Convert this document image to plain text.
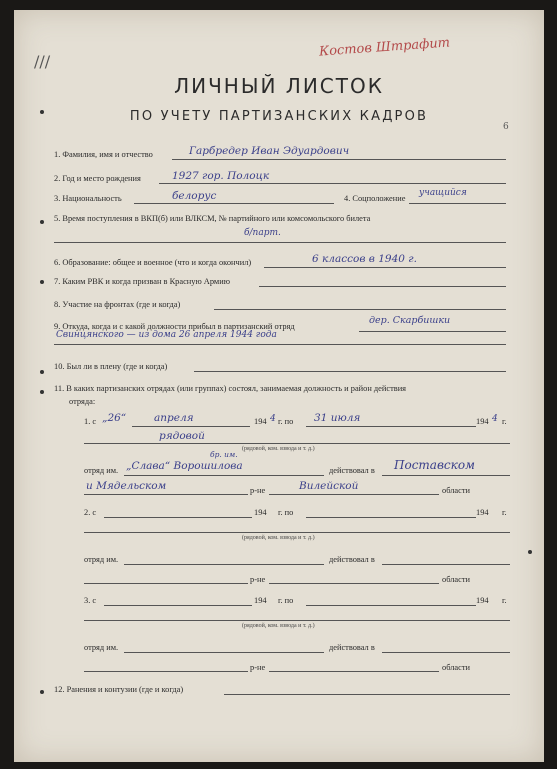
Костов Штрафит
///
6
ЛИЧНЫЙ ЛИСТОК
ПО УЧЕТУ ПАРТИЗАНСКИХ КАДРОВ
1. Фамилия, имя и отчество	Гарбредер Иван Эдуардович
2. Год и место рождения	1927 гор. Полоцк
3. Национальность	белорус	4. Соцположение
учащийся
5. Время поступления в ВКП(б) или ВЛКСМ, № партийного или комсомольского билета
б/парт.
6. Образование: общее и военное (что и когда окончил)	6 классов в 1940 г.
7. Каким РВК и когда призван в Красную Армию
8. Участие на фронтах (где и когда)
9. Откуда, когда и с какой должности прибыл в партизанский отряд
дер. Скарбишки
Свинцянского — из дома 26 апреля 1944 года
10. Был ли в плену (где и когда)
11. В каких партизанских отрядах (или группах) состоял, занимаемая должность и район действия
отряда:
1. с „26“	апреля	194 4 г. по 31 июля	194 4 г.
рядовой
(рядовой, ком. взвода и т. д.)
бр. им.
отряд им. „Слава“ Ворошилова	действовал в Поставском
и Мядельском	р-не	Вилейской	области
2. с	194 г. по	194 г.
(рядовой, ком. взвода и т. д.)
отряд им.	действовал в
р-не	области
3. с	194 г. по	194 г.
(рядовой, ком. взвода и т. д.)
отряд им.	действовал в
р-не	области
12. Ранения и контузии (где и когда)
